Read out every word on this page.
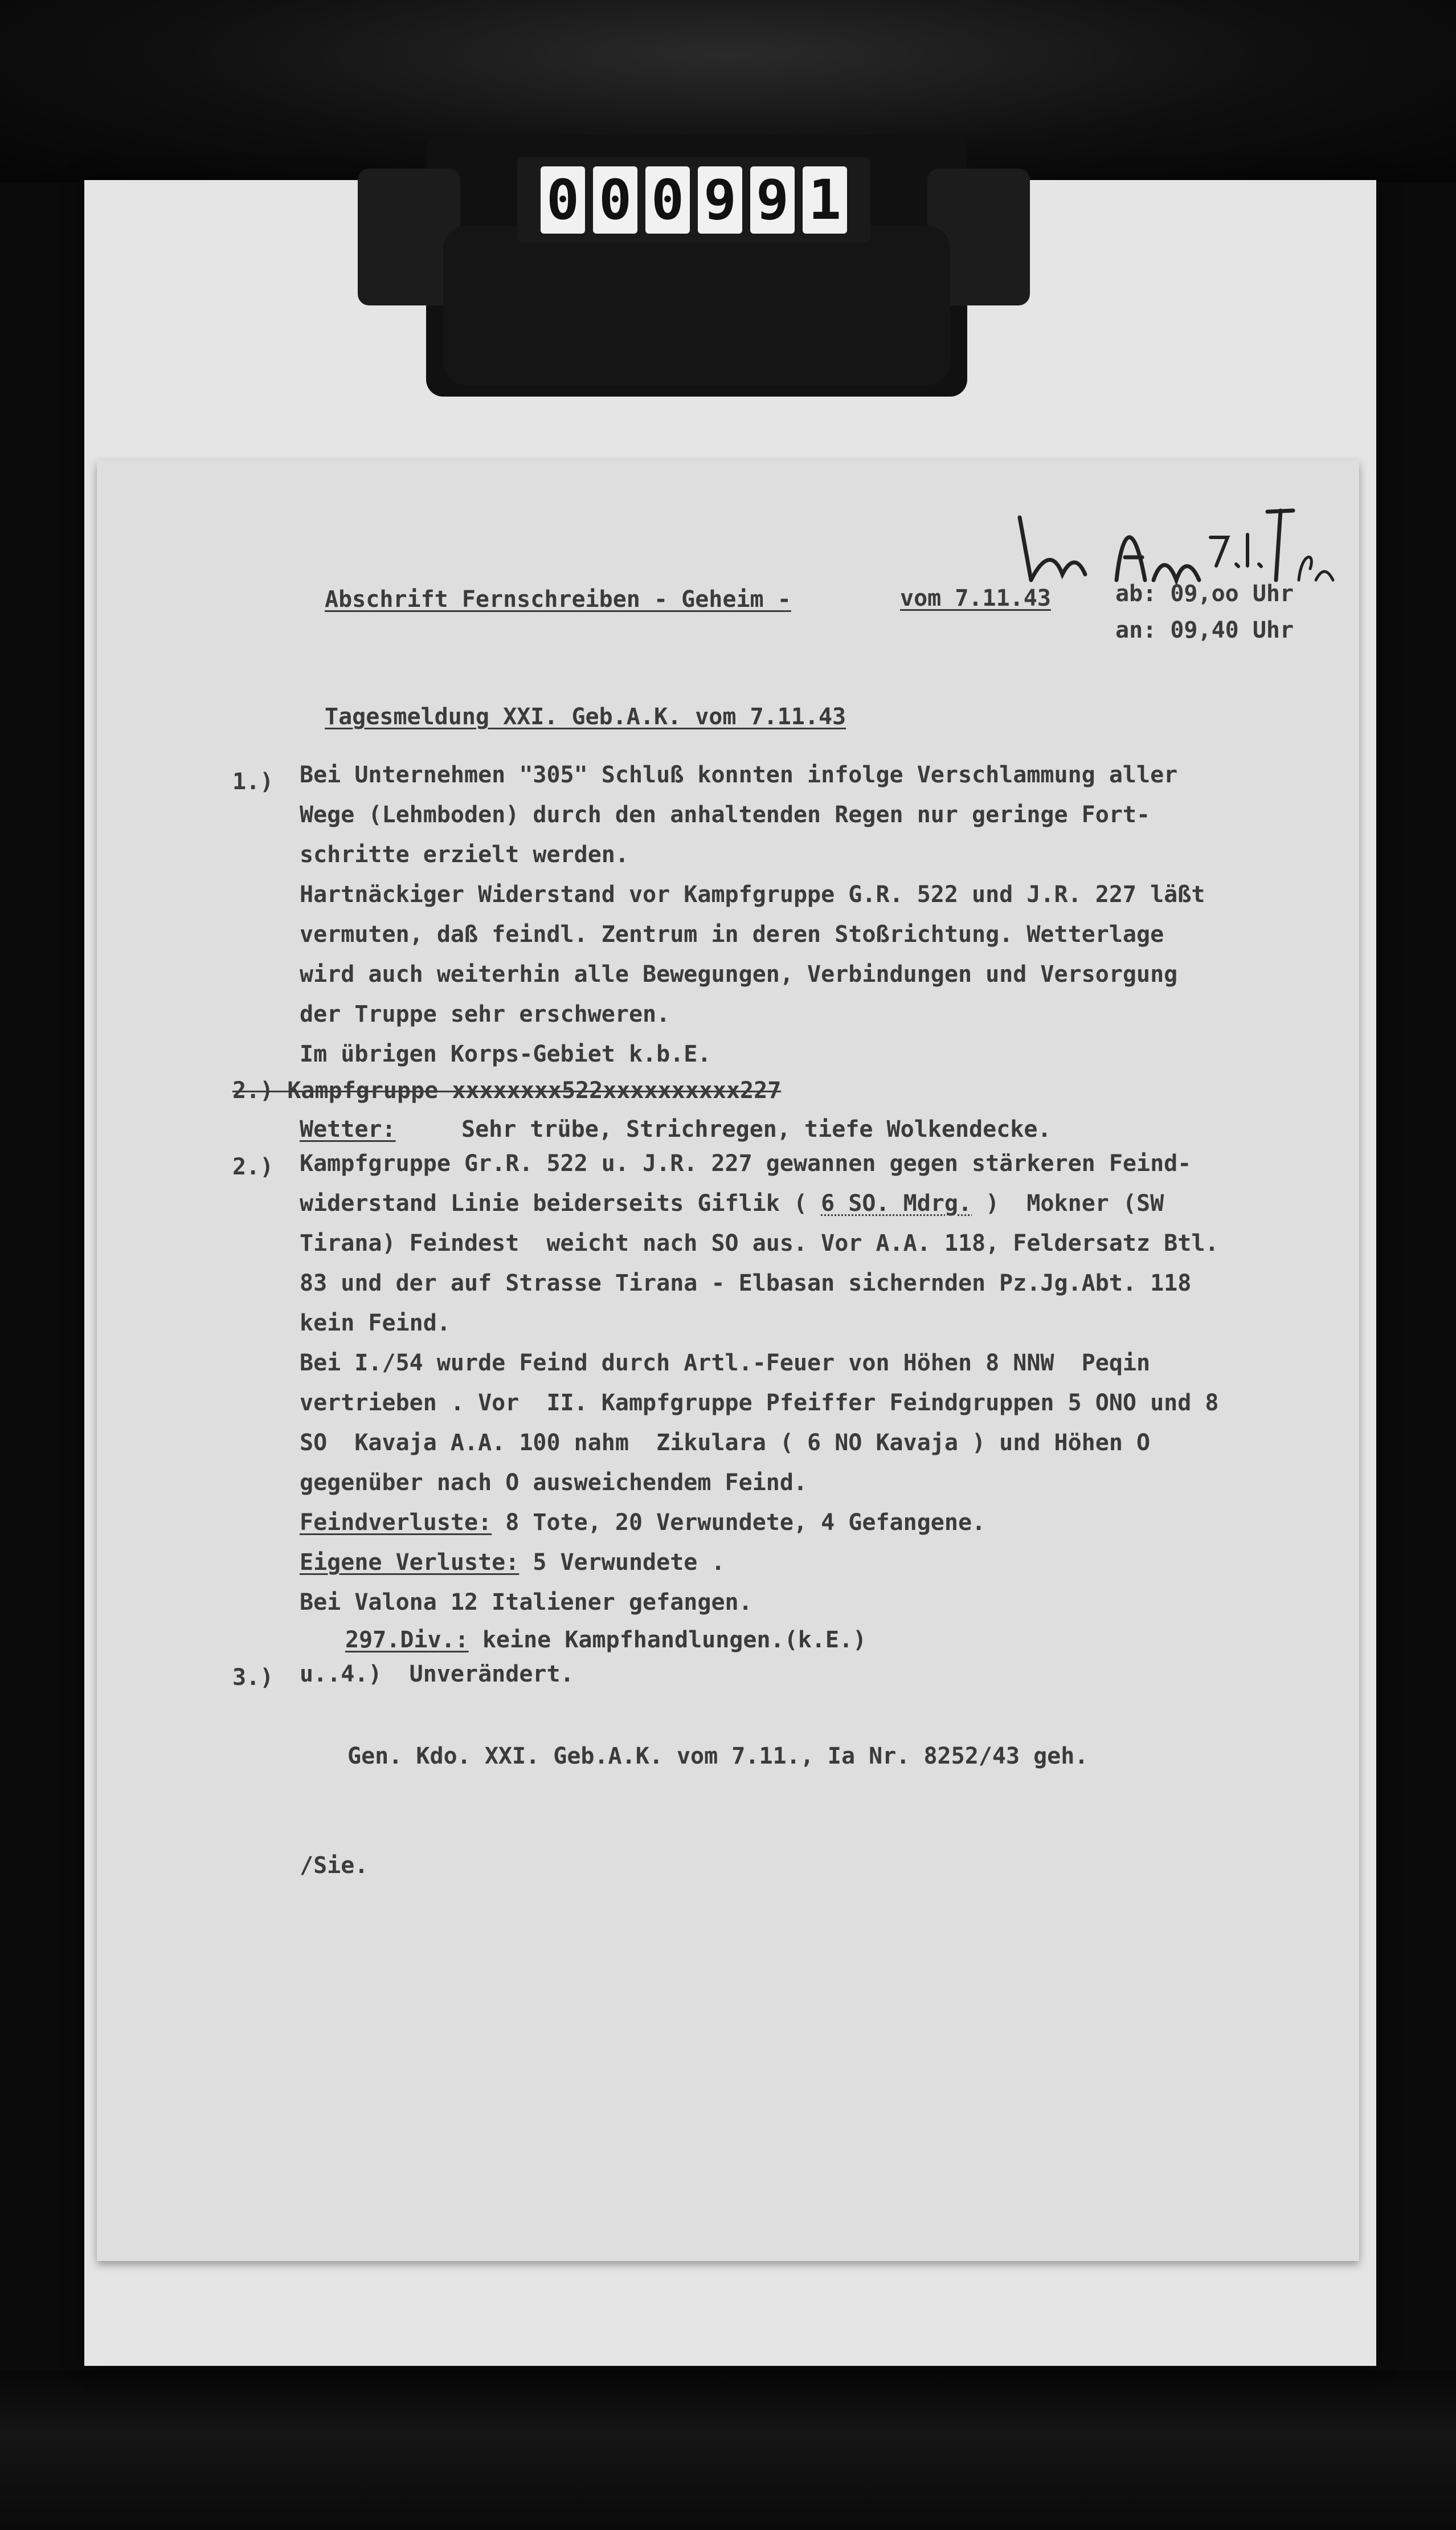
0 0 0 9 9 1
Abschrift Fernschreiben - Geheim -	vom 7.11.43	ab: 09,oo Uhr
an: 09,40 Uhr
Tagesmeldung XXI. Geb.A.K. vom 7.11.43
1.) Bei Unternehmen "305" Schluß konnten infolge Verschlammung aller
Wege (Lehmboden) durch den anhaltenden Regen nur geringe Fort-
schritte erzielt werden.
Hartnäckiger Widerstand vor Kampfgruppe G.R. 522 und J.R. 227 läßt
vermuten, daß feindl. Zentrum in deren Stoßrichtung. Wetterlage
wird auch weiterhin alle Bewegungen, Verbindungen und Versorgung
der Truppe sehr erschweren.
Im übrigen Korps-Gebiet k.b.E.
2.) Kampfgruppe xxxxxxxx522xxxxxxxxxx227
Wetter:	Sehr trübe, Strichregen, tiefe Wolkendecke.
2.) Kampfgruppe Gr.R. 522 u. J.R. 227 gewannen gegen stärkeren Feind-
widerstand Linie beiderseits Giflik ( 6 SO. Mdrg. )  Mokner (SW
Tirana) Feindest  weicht nach SO aus. Vor A.A. 118, Feldersatz Btl.
83 und der auf Strasse Tirana - Elbasan sichernden Pz.Jg.Abt. 118
kein Feind.
Bei I./54 wurde Feind durch Artl.-Feuer von Höhen 8 NNW  Peqin
vertrieben . Vor  II. Kampfgruppe Pfeiffer Feindgruppen 5 ONO und 8
SO  Kavaja A.A. 100 nahm  Zikulara ( 6 NO Kavaja ) und Höhen O
gegenüber nach O ausweichendem Feind.
Feindverluste: 8 Tote, 20 Verwundete, 4 Gefangene.
Eigene Verluste: 5 Verwundete .
Bei Valona 12 Italiener gefangen.
297.Div.: keine Kampfhandlungen.(k.E.)
3.) u..4.)  Unverändert.
Gen. Kdo. XXI. Geb.A.K. vom 7.11., Ia Nr. 8252/43 geh.
/Sie.
